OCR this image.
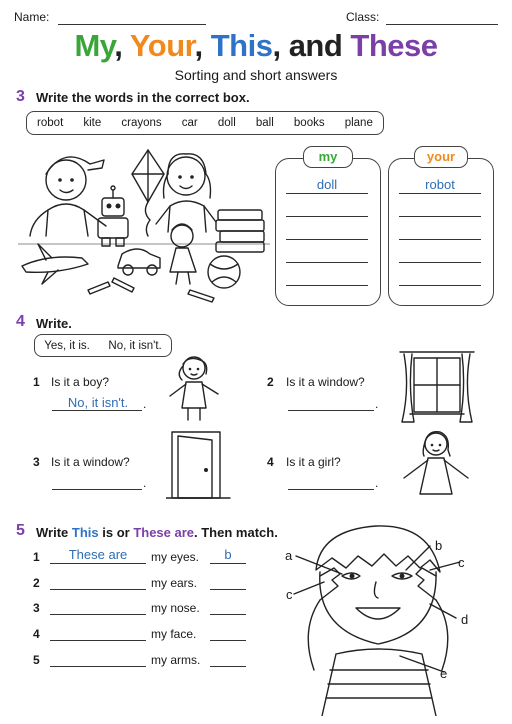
Name:	Class:
My, Your, This, and These
Sorting and short answers
3 Write the words in the correct box.
robot kite crayons car doll ball books plane
my
doll
your
robot
4 Write.
Yes, it is. No, it isn't.
1 Is it a boy?
No, it isn't.	.
2 Is it a window?
.
3 Is it a window?
.
4 Is it a girl?
.
5 Write This is or These are. Then match.
1	These are	my eyes.	b
2	my ears.
3	my nose.
4	my face.
5	my arms.
a
b
c
c
d
e
